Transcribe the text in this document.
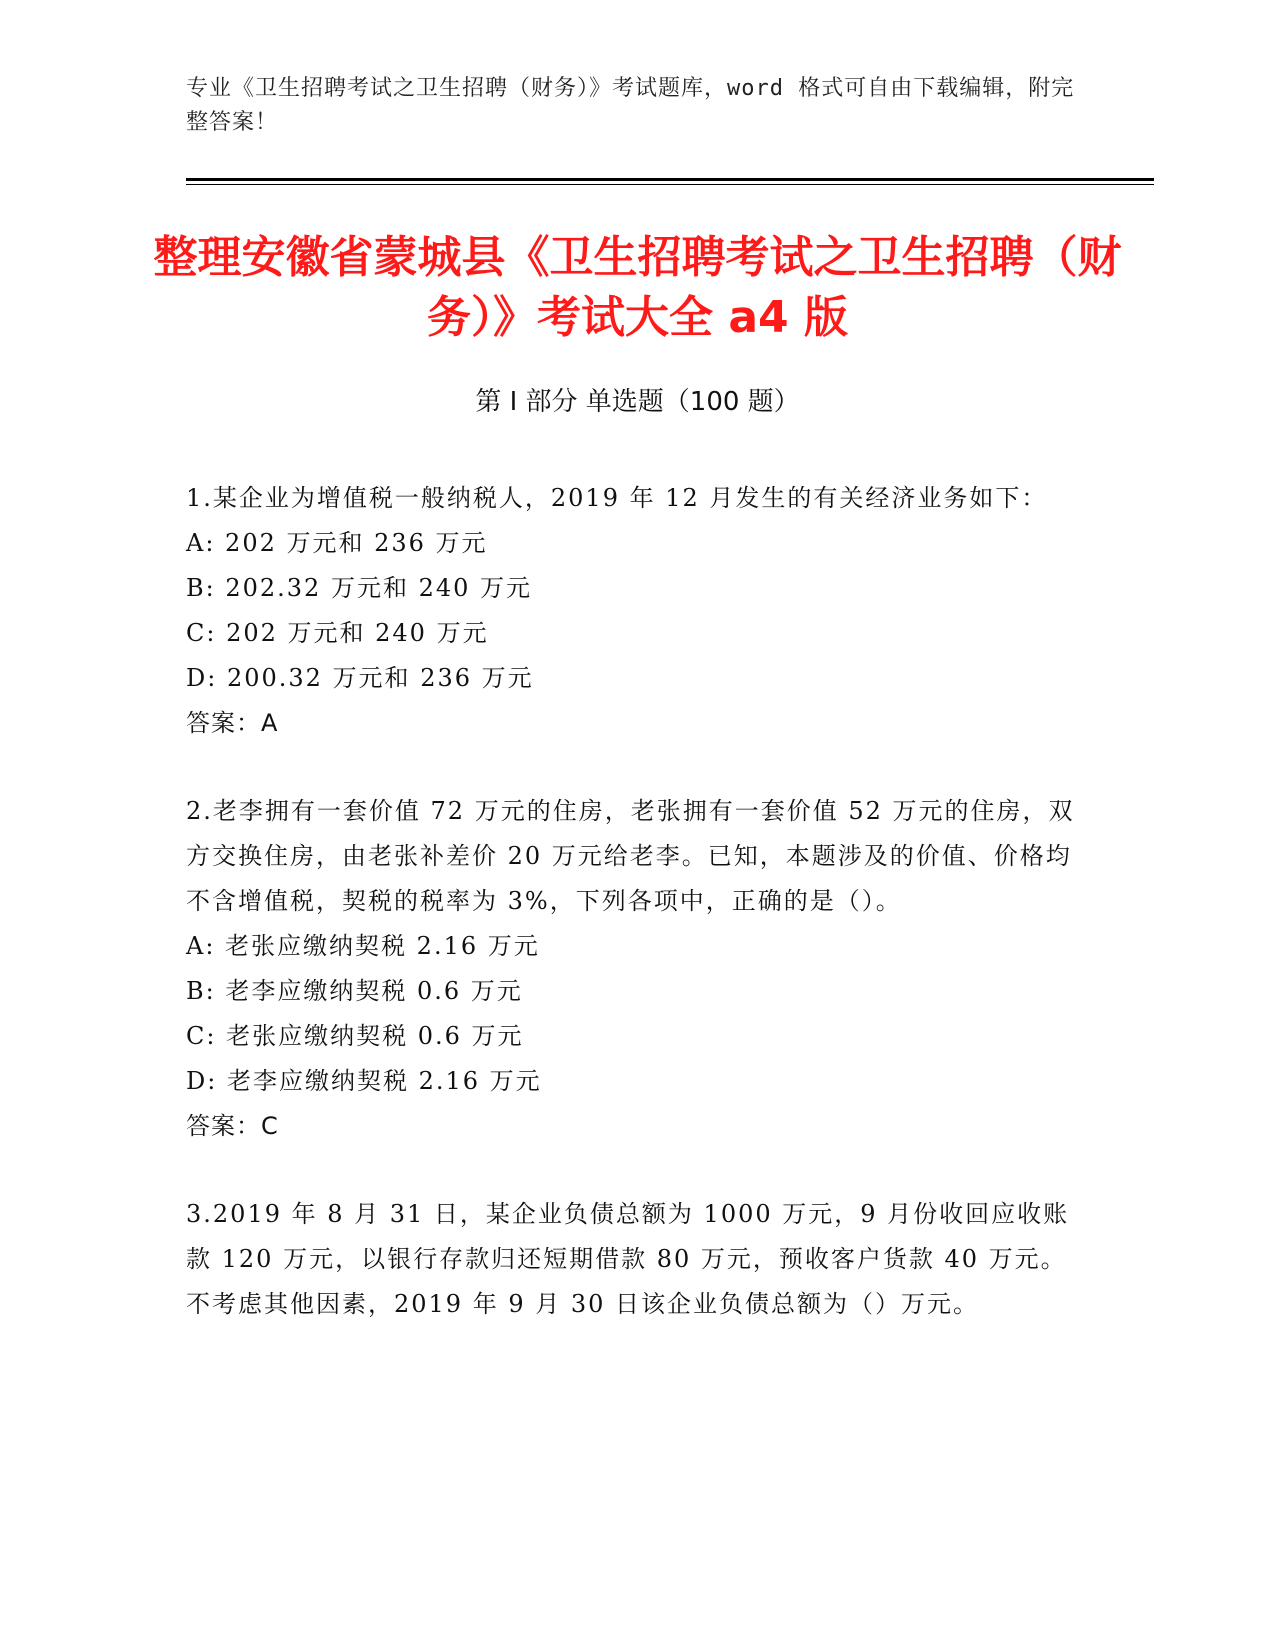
专业《卫生招聘考试之卫生招聘（财务）》考试题库，word 格式可自由下载编辑，附完整答案！
整理安徽省蒙城县《卫生招聘考试之卫生招聘（财务）》考试大全 a4 版
第 I 部分 单选题（100 题）

1.某企业为增值税一般纳税人，2019 年 12 月发生的有关经济业务如下：

A: 202 万元和 236 万元

B: 202.32 万元和 240 万元

C: 202 万元和 240 万元

D: 200.32 万元和 236 万元

答案：A

2.老李拥有一套价值 72 万元的住房，老张拥有一套价值 52 万元的住房，双方交换住房，由老张补差价 20 万元给老李。已知，本题涉及的价值、价格均不含增值税，契税的税率为 3%，下列各项中，正确的是（）。

A: 老张应缴纳契税 2.16 万元

B: 老李应缴纳契税 0.6 万元

C: 老张应缴纳契税 0.6 万元

D: 老李应缴纳契税 2.16 万元

答案：C

3.2019 年 8 月 31 日，某企业负债总额为 1000 万元，9 月份收回应收账款 120 万元，以银行存款归还短期借款 80 万元，预收客户货款 40 万元。不考虑其他因素，2019 年 9 月 30 日该企业负债总额为（）万元。
